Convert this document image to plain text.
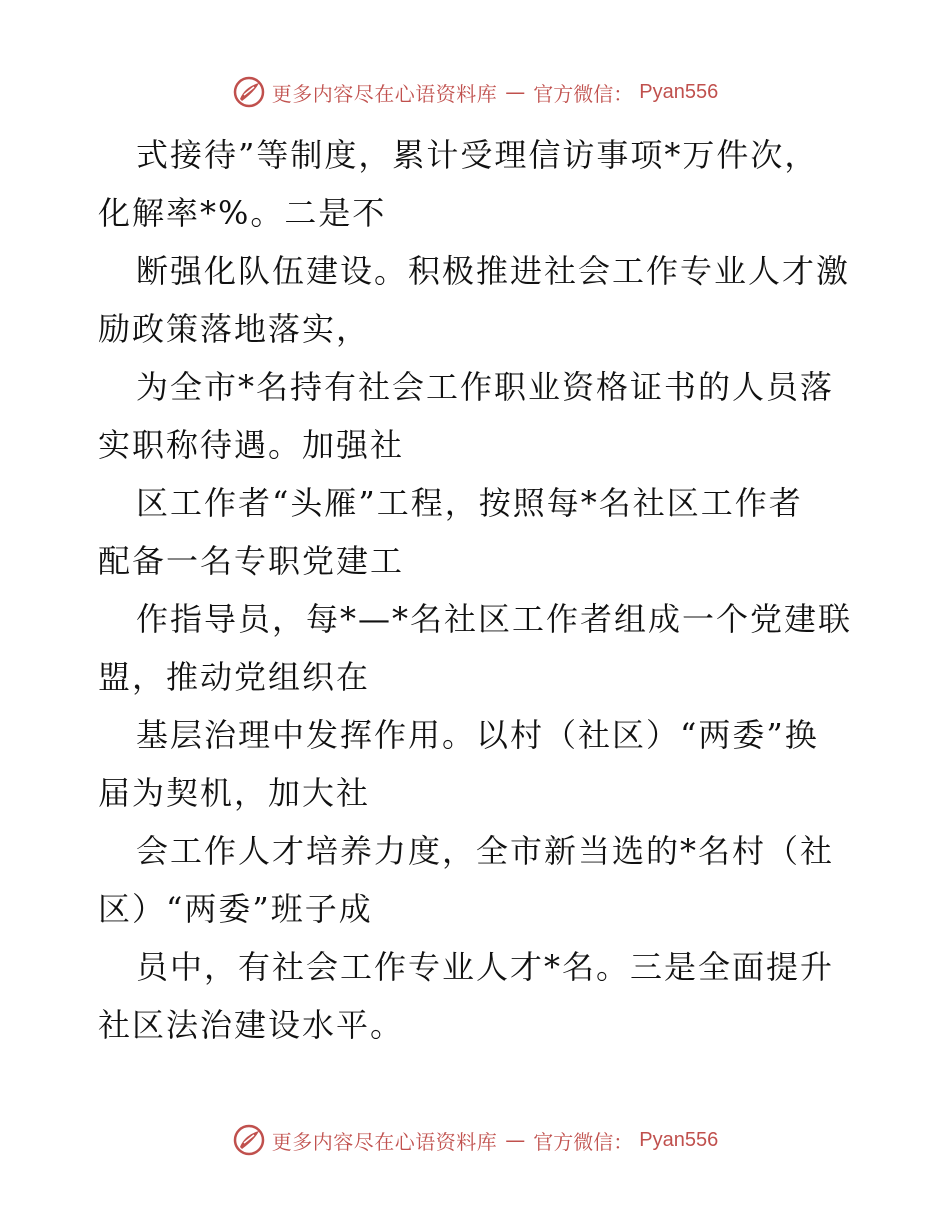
更多内容尽在心语资料库 — 官方微信： Pyan556
式接待”等制度，累计受理信访事项*万件次，
化解率*%。二是不
断强化队伍建设。积极推进社会工作专业人才激
励政策落地落实，
为全市*名持有社会工作职业资格证书的人员落
实职称待遇。加强社
区工作者“头雁”工程，按照每*名社区工作者
配备一名专职党建工
作指导员，每*—*名社区工作者组成一个党建联
盟，推动党组织在
基层治理中发挥作用。以村（社区）“两委”换
届为契机，加大社
会工作人才培养力度，全市新当选的*名村（社
区）“两委”班子成
员中，有社会工作专业人才*名。三是全面提升
社区法治建设水平。
更多内容尽在心语资料库 — 官方微信： Pyan556
